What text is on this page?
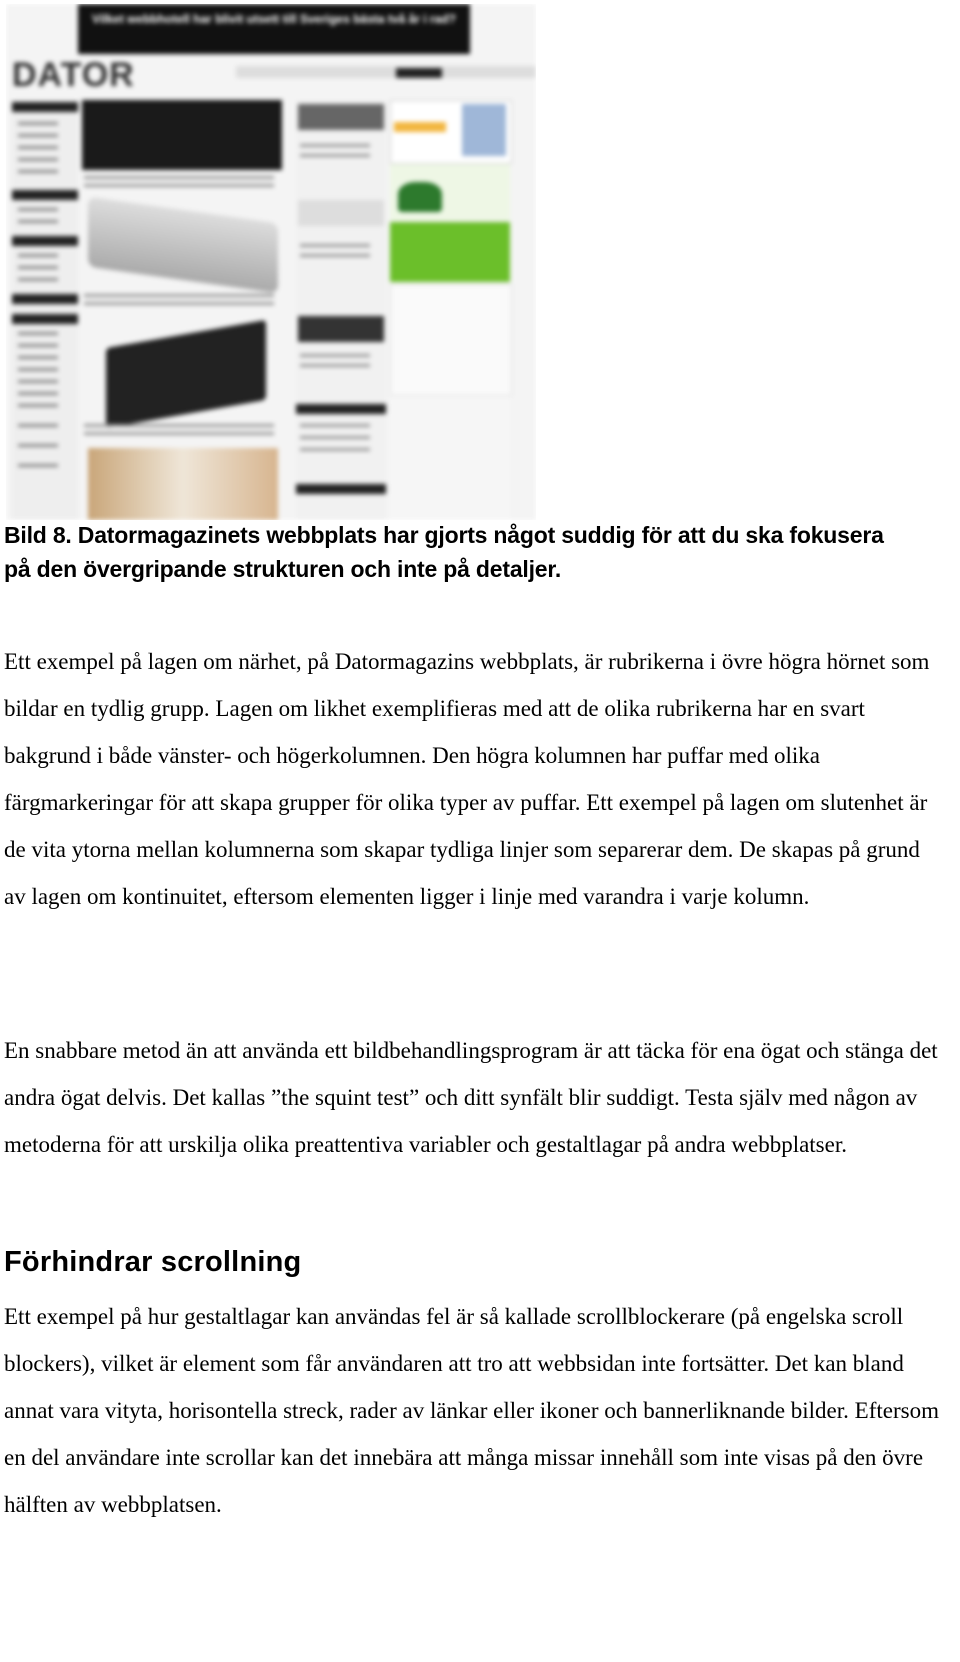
Vilket webbhotell har blivit utsett till Sveriges bästa två år i rad?
DATOR

Bild 8. Datormagazinets webbplats har gjorts något suddig för att du ska fokusera på den övergripande strukturen och inte på detaljer.

Ett exempel på lagen om närhet, på Datormagazins webbplats, är rubrikerna i övre högra hörnet som bildar en tydlig grupp. Lagen om likhet exemplifieras med att de olika rubrikerna har en svart bakgrund i både vänster- och högerkolumnen. Den högra kolumnen har puffar med olika färgmarkeringar för att skapa grupper för olika typer av puffar. Ett exempel på lagen om slutenhet är de vita ytorna mellan kolumnerna som skapar tydliga linjer som separerar dem. De skapas på grund av lagen om kontinuitet, eftersom elementen ligger i linje med varandra i varje kolumn.

En snabbare metod än att använda ett bildbehandlingsprogram är att täcka för ena ögat och stänga det andra ögat delvis. Det kallas ”the squint test” och ditt synfält blir suddigt. Testa själv med någon av metoderna för att urskilja olika preattentiva variabler och gestaltlagar på andra webbplatser.

Förhindrar scrollning

Ett exempel på hur gestaltlagar kan användas fel är så kallade scrollblockerare (på engelska scroll blockers), vilket är element som får användaren att tro att webbsidan inte fortsätter. Det kan bland annat vara vityta, horisontella streck, rader av länkar eller ikoner och bannerliknande bilder. Eftersom en del användare inte scrollar kan det innebära att många missar innehåll som inte visas på den övre hälften av webbplatsen.
